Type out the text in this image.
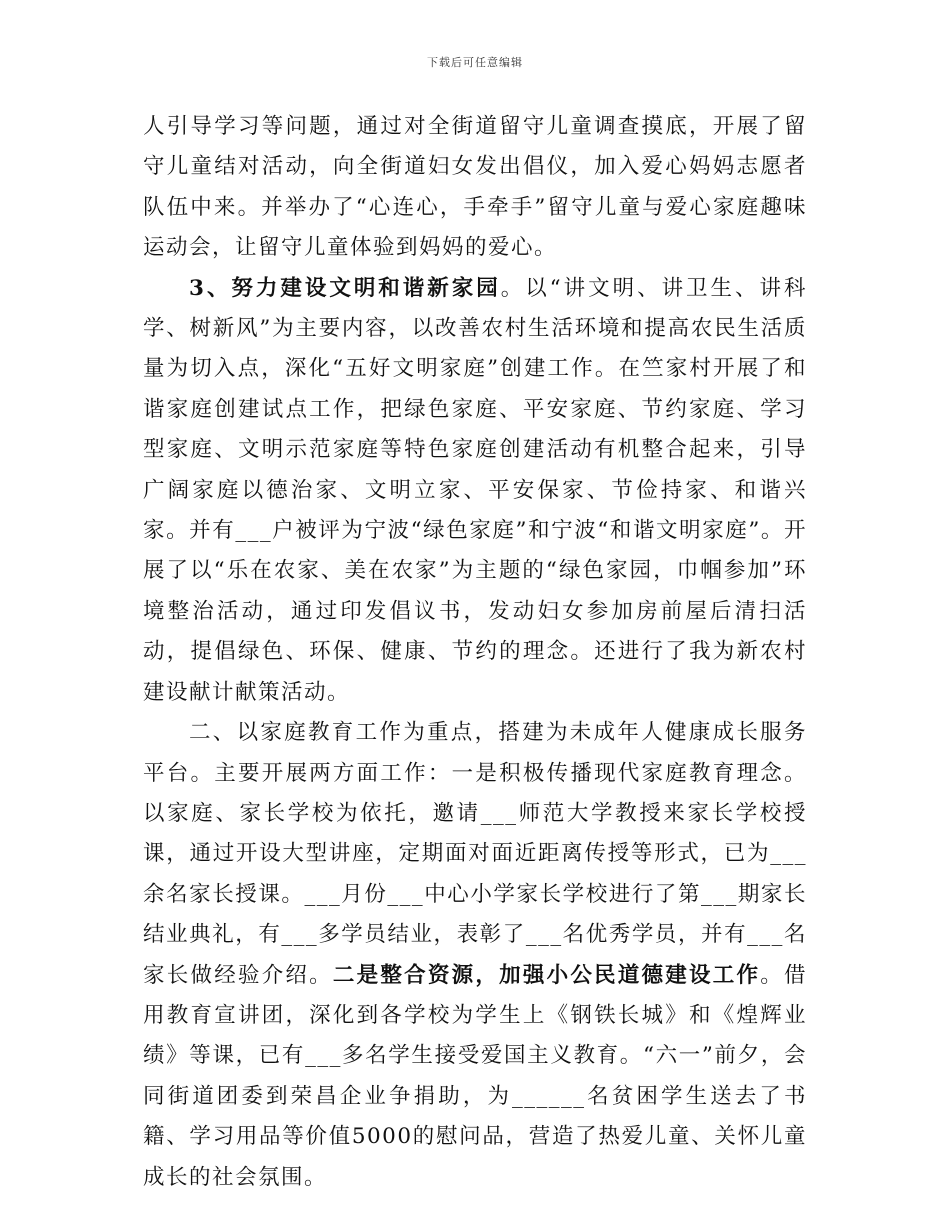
下载后可任意编辑

人引导学习等问题，通过对全街道留守儿童调查摸底，开展了留守儿童结对活动，向全街道妇女发出倡仪，加入爱心妈妈志愿者队伍中来。并举办了“心连心，手牵手”留守儿童与爱心家庭趣味运动会，让留守儿童体验到妈妈的爱心。

3、努力建设文明和谐新家园。以“讲文明、讲卫生、讲科学、树新风”为主要内容，以改善农村生活环境和提高农民生活质量为切入点，深化“五好文明家庭”创建工作。在竺家村开展了和谐家庭创建试点工作，把绿色家庭、平安家庭、节约家庭、学习型家庭、文明示范家庭等特色家庭创建活动有机整合起来，引导广阔家庭以德治家、文明立家、平安保家、节俭持家、和谐兴家。并有___户被评为宁波“绿色家庭”和宁波“和谐文明家庭”。开展了以“乐在农家、美在农家”为主题的“绿色家园，巾帼参加”环境整治活动，通过印发倡议书，发动妇女参加房前屋后清扫活动，提倡绿色、环保、健康、节约的理念。还进行了我为新农村建设献计献策活动。

二、以家庭教育工作为重点，搭建为未成年人健康成长服务平台。主要开展两方面工作：一是积极传播现代家庭教育理念。以家庭、家长学校为依托，邀请___师范大学教授来家长学校授课，通过开设大型讲座，定期面对面近距离传授等形式，已为___余名家长授课。___月份___中心小学家长学校进行了第___期家长结业典礼，有___多学员结业，表彰了___名优秀学员，并有___名家长做经验介绍。二是整合资源，加强小公民道德建设工作。借用教育宣讲团，深化到各学校为学生上《钢铁长城》和《煌辉业绩》等课，已有___多名学生接受爱国主义教育。“六一”前夕，会同街道团委到荣昌企业争捐助，为______名贫困学生送去了书籍、学习用品等价值5000的慰问品，营造了热爱儿童、关怀儿童成长的社会氛围。
